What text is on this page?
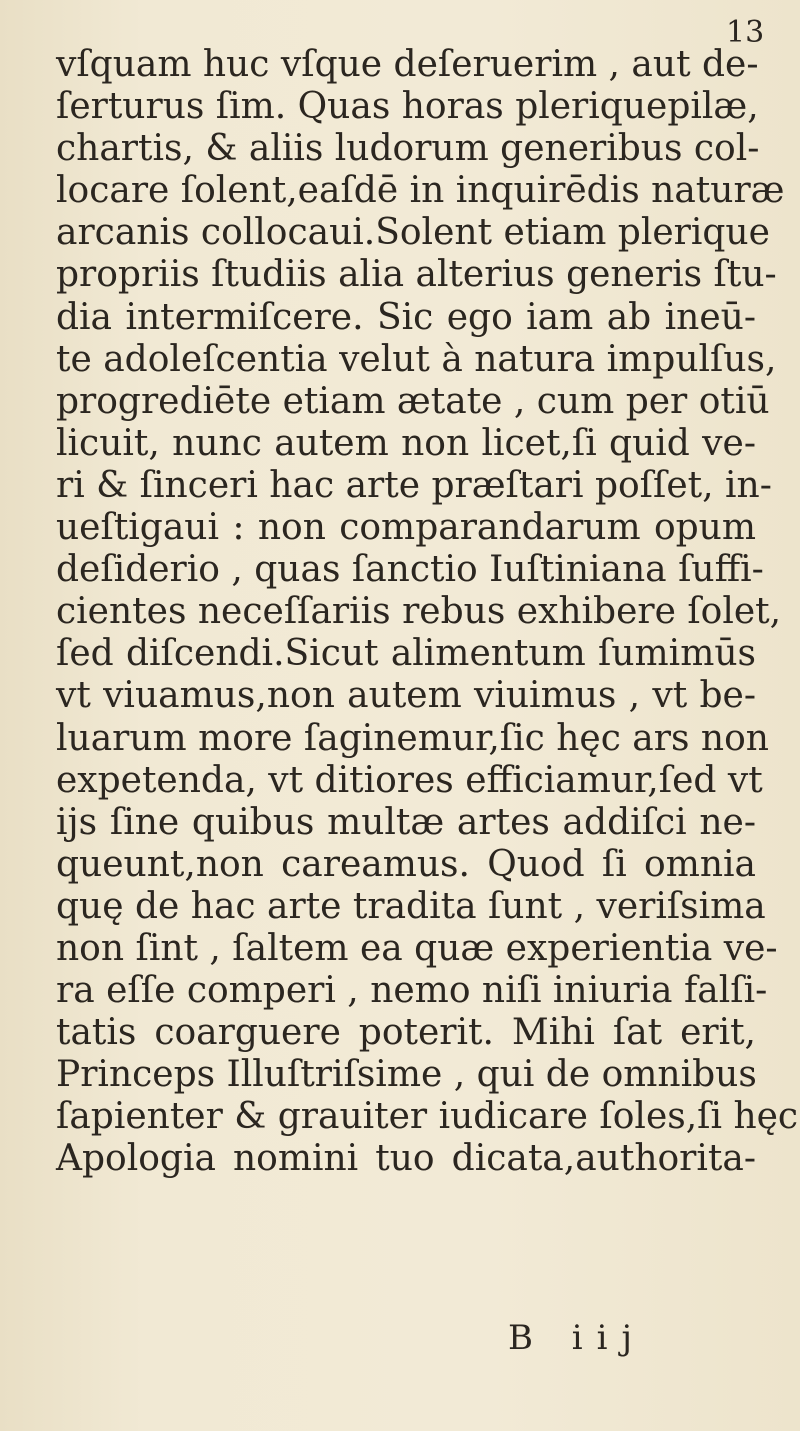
13
vſquam huc vſque deſeruerim , aut de-
ſerturus ſim. Quas horas pleriquepilæ,
chartis, & aliis ludorum generibus col-
locare ſolent,eaſdē in inquirēdis naturæ
arcanis collocaui.Solent etiam plerique
propriis ſtudiis alia alterius generis ſtu-
dia intermiſcere. Sic ego iam ab ineū-
te adoleſcentia velut à natura impulſus,
progrediēte etiam ætate , cum per otiū
licuit, nunc autem non licet,ſi quid ve-
ri & ſinceri hac arte præſtari poſſet, in-
ueſtigaui : non comparandarum opum
deſiderio , quas ſanctio Iuſtiniana ſuffi-
cientes neceſſariis rebus exhibere ſolet,
ſed diſcendi.Sicut alimentum ſumimūs
vt viuamus,non autem viuimus , vt be-
luarum more ſaginemur,ſic hęc ars non
expetenda, vt ditiores efficiamur,ſed vt
ijs ſine quibus multæ artes addiſci ne-
queunt,non careamus. Quod ſi omnia
quę de hac arte tradita ſunt , veriſsima
non ſint , ſaltem ea quæ experientia ve-
ra eſſe comperi , nemo niſi iniuria falſi-
tatis coarguere poterit. Mihi ſat erit,
Princeps Illuſtriſsime , qui de omnibus
ſapienter & grauiter iudicare ſoles,ſi hęc
Apologia nomini tuo dicata,authorita-
B iij
